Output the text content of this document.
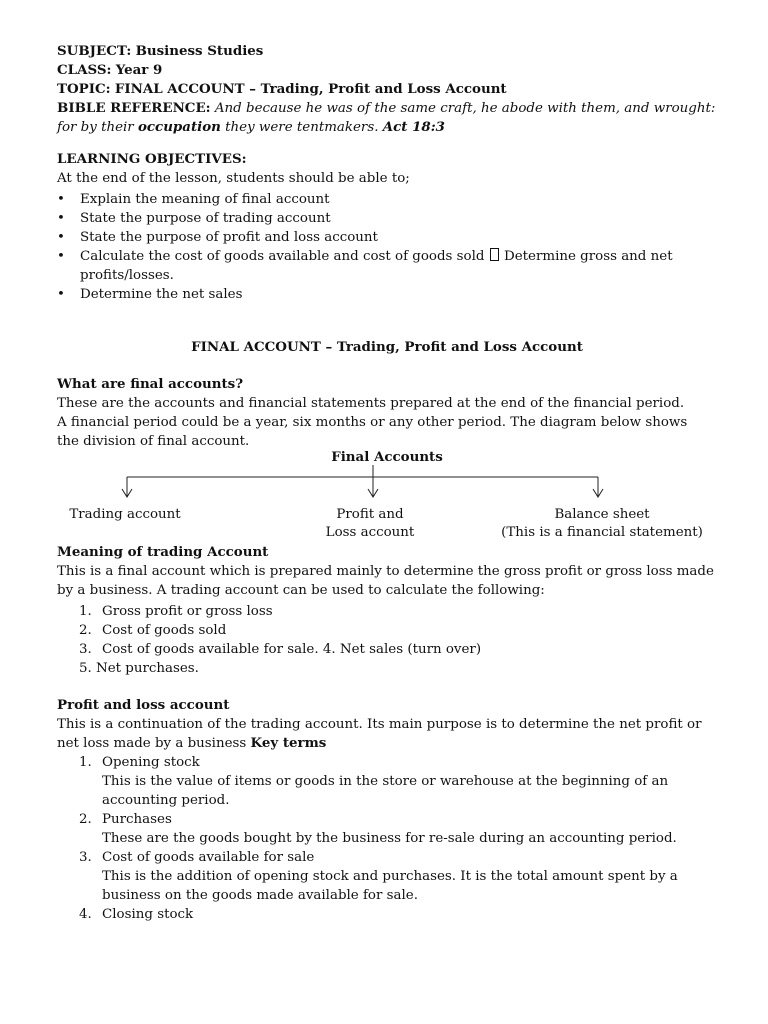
SUBJECT: Business Studies
CLASS: Year 9
TOPIC: FINAL ACCOUNT – Trading, Profit and Loss Account
BIBLE REFERENCE: And because he was of the same craft, he abode with them, and wrought:
for by their occupation they were tentmakers. Act 18:3
LEARNING OBJECTIVES:
At the end of the lesson, students should be able to;
• Explain the meaning of final account
• State the purpose of trading account
• State the purpose of profit and loss account
• Calculate the cost of goods available and cost of goods sold Determine gross and net profits/losses.
• Determine the net sales
FINAL ACCOUNT – Trading, Profit and Loss Account
What are final accounts?
These are the accounts and financial statements prepared at the end of the financial period.
A financial period could be a year, six months or any other period. The diagram below shows
the division of final account.
Final Accounts
Trading account	Profit and
Loss account
Balance sheet
(This is a financial statement)
Meaning of trading Account
This is a final account which is prepared mainly to determine the gross profit or gross loss made
by a business. A trading account can be used to calculate the following:
1. Gross profit or gross loss
2. Cost of goods sold
3. Cost of goods available for sale. 4. Net sales (turn over)
5. Net purchases.
Profit and loss account
This is a continuation of the trading account. Its main purpose is to determine the net profit or
net loss made by a business Key terms
1. Opening stock
This is the value of items or goods in the store or warehouse at the beginning of an
accounting period.
2. Purchases
These are the goods bought by the business for re-sale during an accounting period.
3. Cost of goods available for sale
This is the addition of opening stock and purchases. It is the total amount spent by a
business on the goods made available for sale.
4. Closing stock
